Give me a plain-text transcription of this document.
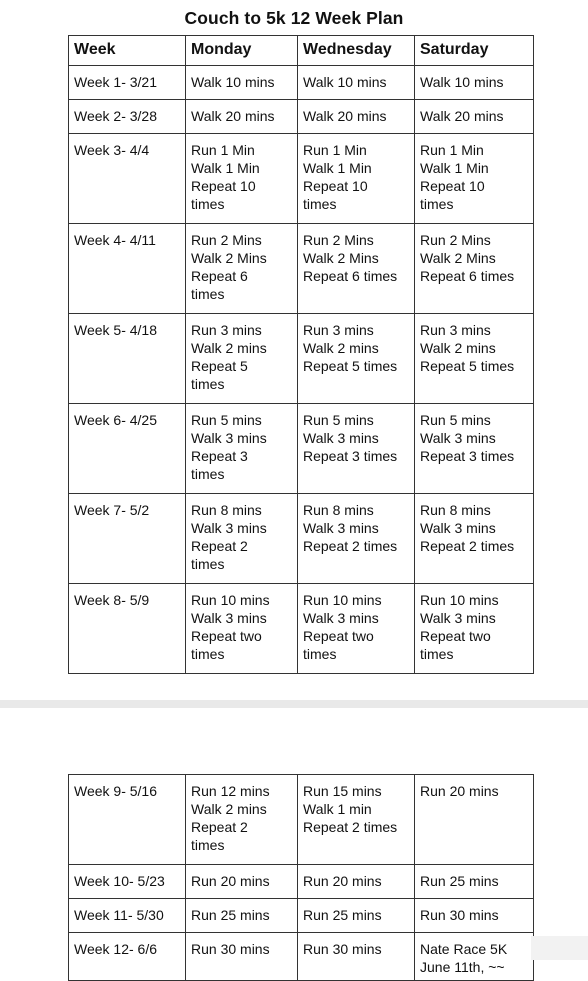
Couch to 5k 12 Week Plan
Week	Monday	Wednesday	Saturday
Week 1- 3/21	Walk 10 mins	Walk 10 mins	Walk 10 mins
Week 2- 3/28	Walk 20 mins	Walk 20 mins	Walk 20 mins
Week 3- 4/4	Run 1 Min
Walk 1 Min
Repeat 10
times	Run 1 Min
Walk 1 Min
Repeat 10
times	Run 1 Min
Walk 1 Min
Repeat 10
times
Week 4- 4/11	Run 2 Mins
Walk 2 Mins
Repeat 6
times	Run 2 Mins
Walk 2 Mins
Repeat 6 times	Run 2 Mins
Walk 2 Mins
Repeat 6 times
Week 5- 4/18	Run 3 mins
Walk 2 mins
Repeat 5
times	Run 3 mins
Walk 2 mins
Repeat 5 times	Run 3 mins
Walk 2 mins
Repeat 5 times
Week 6- 4/25	Run 5 mins
Walk 3 mins
Repeat 3
times	Run 5 mins
Walk 3 mins
Repeat 3 times	Run 5 mins
Walk 3 mins
Repeat 3 times
Week 7- 5/2	Run 8 mins
Walk 3 mins
Repeat 2
times	Run 8 mins
Walk 3 mins
Repeat 2 times	Run 8 mins
Walk 3 mins
Repeat 2 times
Week 8- 5/9	Run 10 mins
Walk 3 mins
Repeat two
times	Run 10 mins
Walk 3 mins
Repeat two
times	Run 10 mins
Walk 3 mins
Repeat two
times
Week 9- 5/16	Run 12 mins
Walk 2 mins
Repeat 2
times	Run 15 mins
Walk 1 min
Repeat 2 times	Run 20 mins
Week 10- 5/23	Run 20 mins	Run 20 mins	Run 25 mins
Week 11- 5/30	Run 25 mins	Run 25 mins	Run 30 mins
Week 12- 6/6	Run 30 mins	Run 30 mins	Nate Race 5K
June 11th, ~~
